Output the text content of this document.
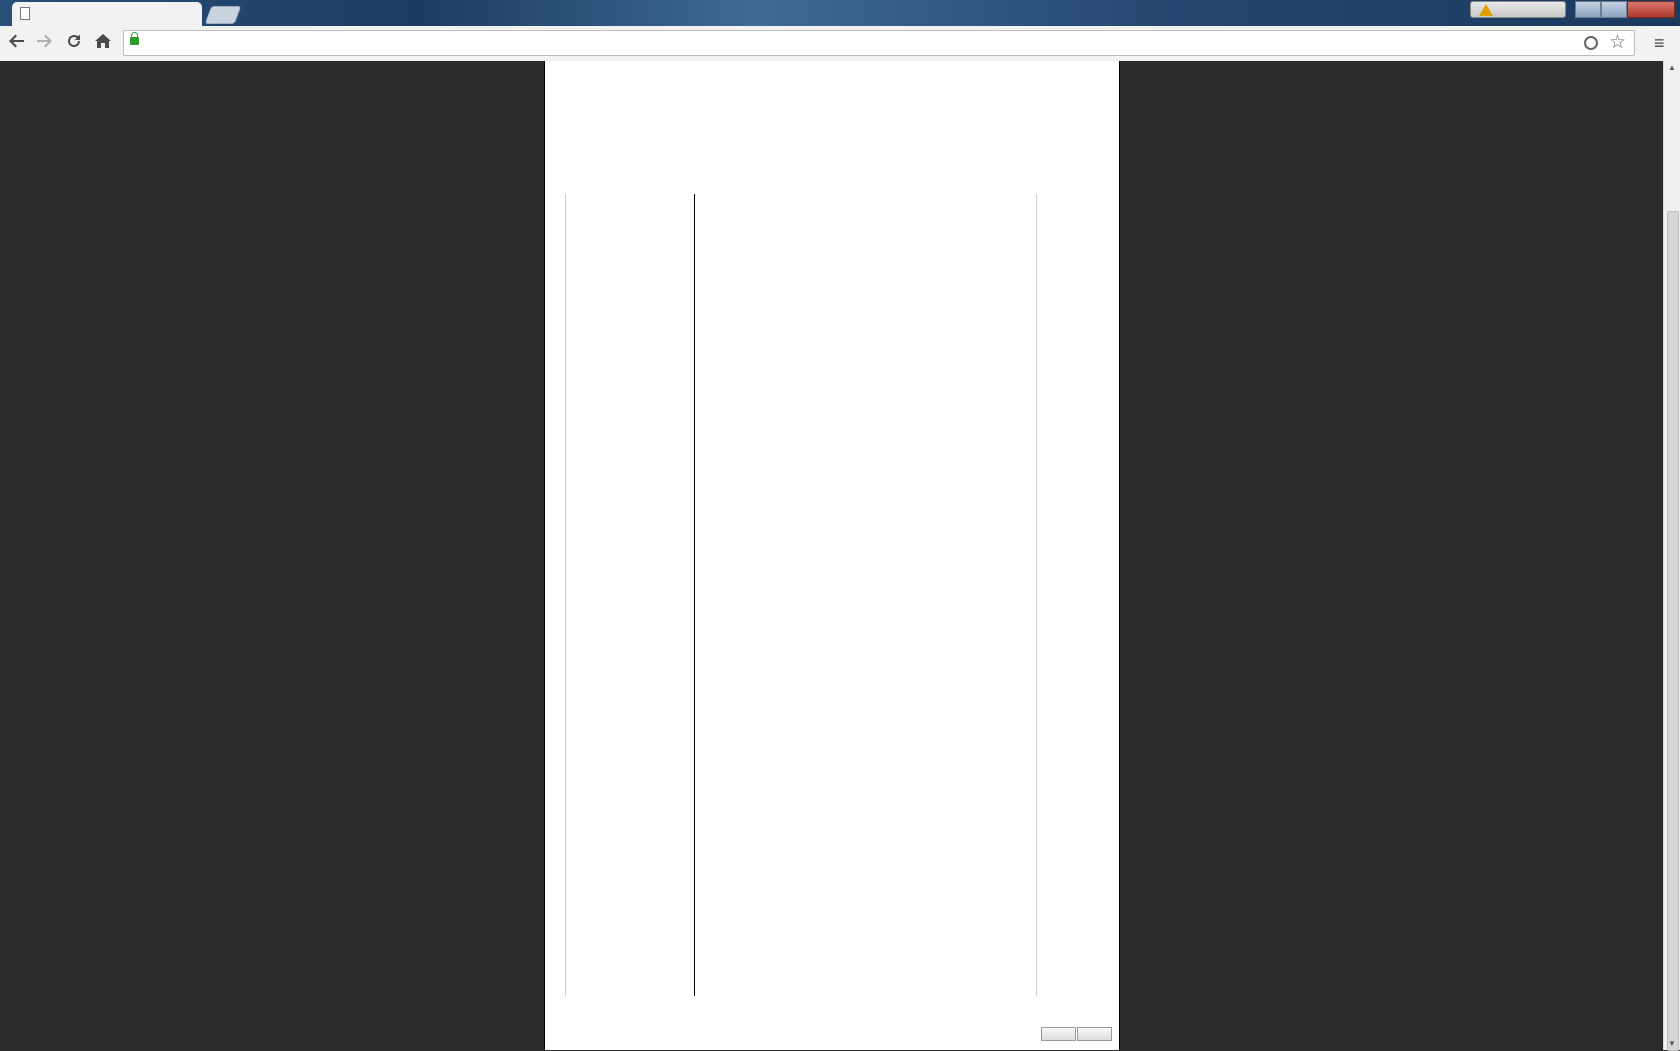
☆ ≡
▲
▼
